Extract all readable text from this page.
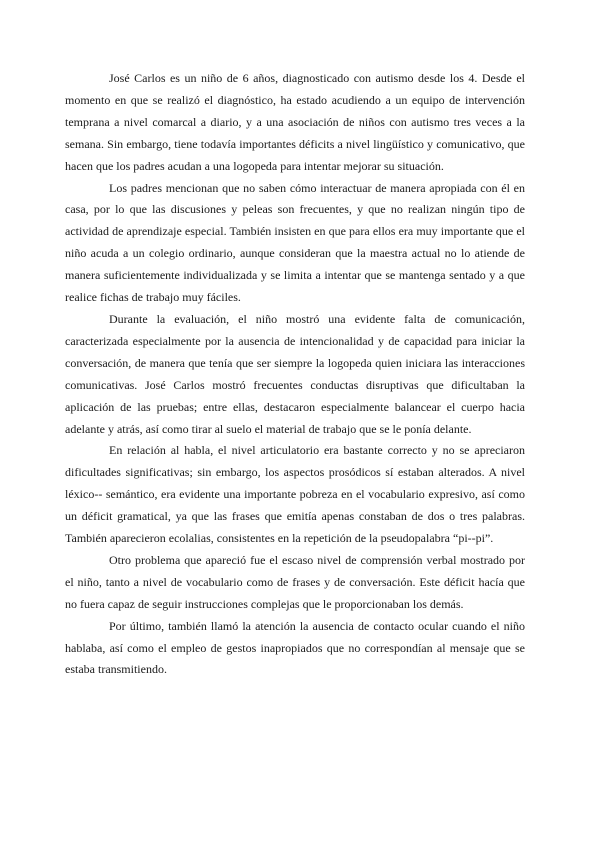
José Carlos es un niño de 6 años, diagnosticado con autismo desde los 4. Desde el momento en que se realizó el diagnóstico, ha estado acudiendo a un equipo de intervención temprana a nivel comarcal a diario, y a una asociación de niños con autismo tres veces a la semana. Sin embargo, tiene todavía importantes déficits a nivel lingüístico y comunicativo, que hacen que los padres acudan a una logopeda para intentar mejorar su situación.

Los padres mencionan que no saben cómo interactuar de manera apropiada con él en casa, por lo que las discusiones y peleas son frecuentes, y que no realizan ningún tipo de actividad de aprendizaje especial. También insisten en que para ellos era muy importante que el niño acuda a un colegio ordinario, aunque consideran que la maestra actual no lo atiende de manera suficientemente individualizada y se limita a intentar que se mantenga sentado y a que realice fichas de trabajo muy fáciles.

Durante la evaluación, el niño mostró una evidente falta de comunicación, caracterizada especialmente por la ausencia de intencionalidad y de capacidad para iniciar la conversación, de manera que tenía que ser siempre la logopeda quien iniciara las interacciones comunicativas. José Carlos mostró frecuentes conductas disruptivas que dificultaban la aplicación de las pruebas; entre ellas, destacaron especialmente balancear el cuerpo hacia adelante y atrás, así como tirar al suelo el material de trabajo que se le ponía delante.

En relación al habla, el nivel articulatorio era bastante correcto y no se apreciaron dificultades significativas; sin embargo, los aspectos prosódicos sí estaban alterados. A nivel léxico-- semántico, era evidente una importante pobreza en el vocabulario expresivo, así como un déficit gramatical, ya que las frases que emitía apenas constaban de dos o tres palabras. También aparecieron ecolalias, consistentes en la repetición de la pseudopalabra “pi--pi”.

Otro problema que apareció fue el escaso nivel de comprensión verbal mostrado por el niño, tanto a nivel de vocabulario como de frases y de conversación. Este déficit hacía que no fuera capaz de seguir instrucciones complejas que le proporcionaban los demás.

Por último, también llamó la atención la ausencia de contacto ocular cuando el niño hablaba, así como el empleo de gestos inapropiados que no correspondían al mensaje que se estaba transmitiendo.
